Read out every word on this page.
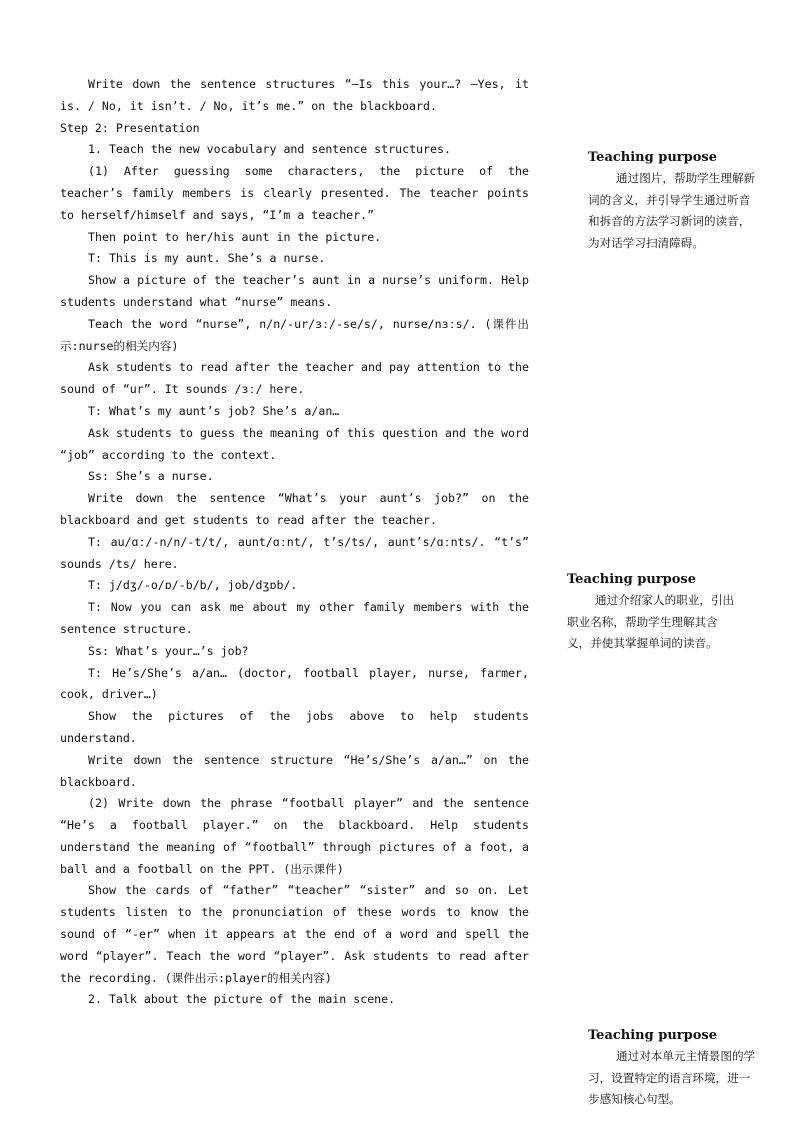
Write down the sentence structures “—Is this your…? —Yes, it is. / No, it isn’t. / No, it’s me.” on the blackboard.

Step 2: Presentation

1. Teach the new vocabulary and sentence structures.

(1) After guessing some characters, the picture of the teacher’s family members is clearly presented. The teacher points to herself/himself and says, “I’m a teacher.”

Then point to her/his aunt in the picture.

T: This is my aunt. She’s a nurse.

Show a picture of the teacher’s aunt in a nurse’s uniform. Help students understand what “nurse” means.

Teach the word “nurse”, n/n/-ur/ɜː/-se/s/, nurse/nɜːs/. (课件出示:nurse的相关内容)

Ask students to read after the teacher and pay attention to the sound of “ur”. It sounds /ɜː/ here.

T: What’s my aunt’s job? She’s a/an…

Ask students to guess the meaning of this question and the word “job” according to the context.

Ss: She’s a nurse.

Write down the sentence “What’s your aunt’s job?” on the blackboard and get students to read after the teacher.

T: au/ɑː/-n/n/-t/t/, aunt/ɑːnt/, t’s/ts/, aunt’s/ɑːnts/. “t’s” sounds /ts/ here.

T: j/dʒ/-o/ɒ/-b/b/, job/dʒɒb/.

T: Now you can ask me about my other family members with the sentence structure.

Ss: What’s your…’s job?

T: He’s/She’s a/an… (doctor, football player, nurse, farmer, cook, driver…)

Show the pictures of the jobs above to help students understand.

Write down the sentence structure “He’s/She’s a/an…” on the blackboard.

(2) Write down the phrase “football player” and the sentence “He’s a football player.” on the blackboard. Help students understand the meaning of “football” through pictures of a foot, a ball and a football on the PPT. (出示课件)

Show the cards of “father” “teacher” “sister” and so on. Let students listen to the pronunciation of these words to know the sound of “-er” when it appears at the end of a word and spell the word “player”. Teach the word “player”. Ask students to read after the recording. (课件出示:player的相关内容)

2. Talk about the picture of the main scene.

Teaching purpose
通过图片，帮助学生理解新词的含义，并引导学生通过听音和拆音的方法学习新词的读音，为对话学习扫清障碍。
Teaching purpose
通过介绍家人的职业，引出职业名称，帮助学生理解其含义，并使其掌握单词的读音。
Teaching purpose
通过对本单元主情景图的学习，设置特定的语言环境，进一步感知核心句型。
